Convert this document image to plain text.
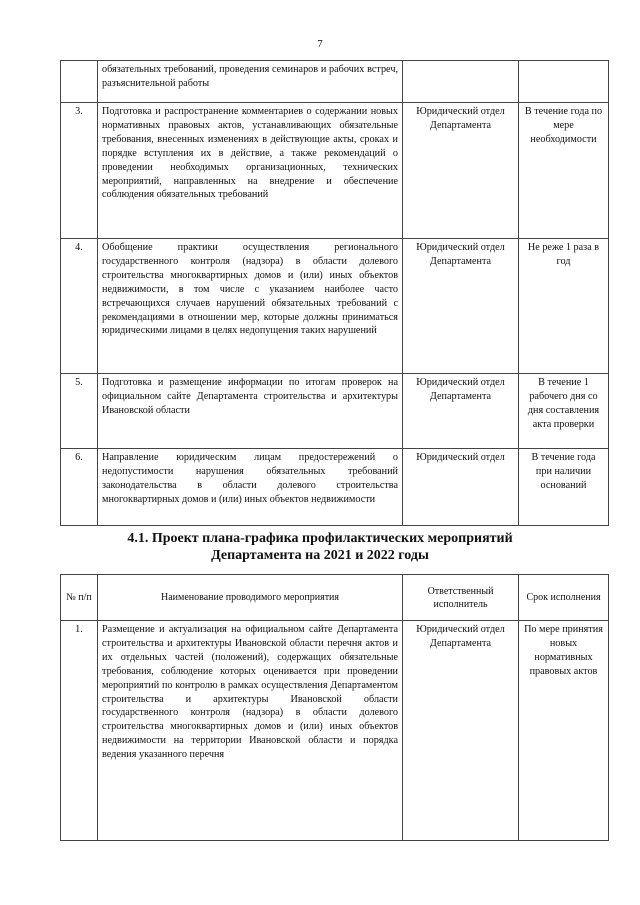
7
	обязательных требований, проведения семинаров и рабочих встреч, разъяснительной работы		
3.	Подготовка и распространение комментариев о содержании новых нормативных правовых актов, устанавливающих обязательные требования, внесенных изменениях в действующие акты, сроках и порядке вступления их в действие, а также рекомендаций о проведении необходимых организационных, технических мероприятий, направленных на внедрение и обеспечение соблюдения обязательных требований	Юридический отдел Департамента	В течение года по мере необходимости
4.	Обобщение практики осуществления регионального государственного контроля (надзора) в области долевого строительства многоквартирных домов и (или) иных объектов недвижимости, в том числе с указанием наиболее часто встречающихся случаев нарушений обязательных требований с рекомендациями в отношении мер, которые должны приниматься юридическими лицами в целях недопущения таких нарушений	Юридический отдел Департамента	Не реже 1 раза в год
5.	Подготовка и размещение информации по итогам проверок на официальном сайте Департамента строительства и архитектуры Ивановской области	Юридический отдел Департамента	В течение 1 рабочего дня со дня составления акта проверки
6.	Направление юридическим лицам предостережений о недопустимости нарушения обязательных требований законодательства в области долевого строительства многоквартирных домов и (или) иных объектов недвижимости	Юридический отдел	В течение года при наличии оснований
4.1. Проект плана-графика профилактических мероприятий
Департамента на 2021 и 2022 годы
№ п/п	Наименование проводимого мероприятия	Ответственный исполнитель	Срок исполнения
1.	Размещение и актуализация на официальном сайте Департамента строительства и архитектуры Ивановской области перечня актов и их отдельных частей (положений), содержащих обязательные требования, соблюдение которых оценивается при проведении мероприятий по контролю в рамках осуществления Департаментом строительства и архитектуры Ивановской области государственного контроля (надзора) в области долевого строительства многоквартирных домов и (или) иных объектов недвижимости на территории Ивановской области и порядка ведения указанного перечня	Юридический отдел Департамента	По мере принятия новых нормативных правовых актов
